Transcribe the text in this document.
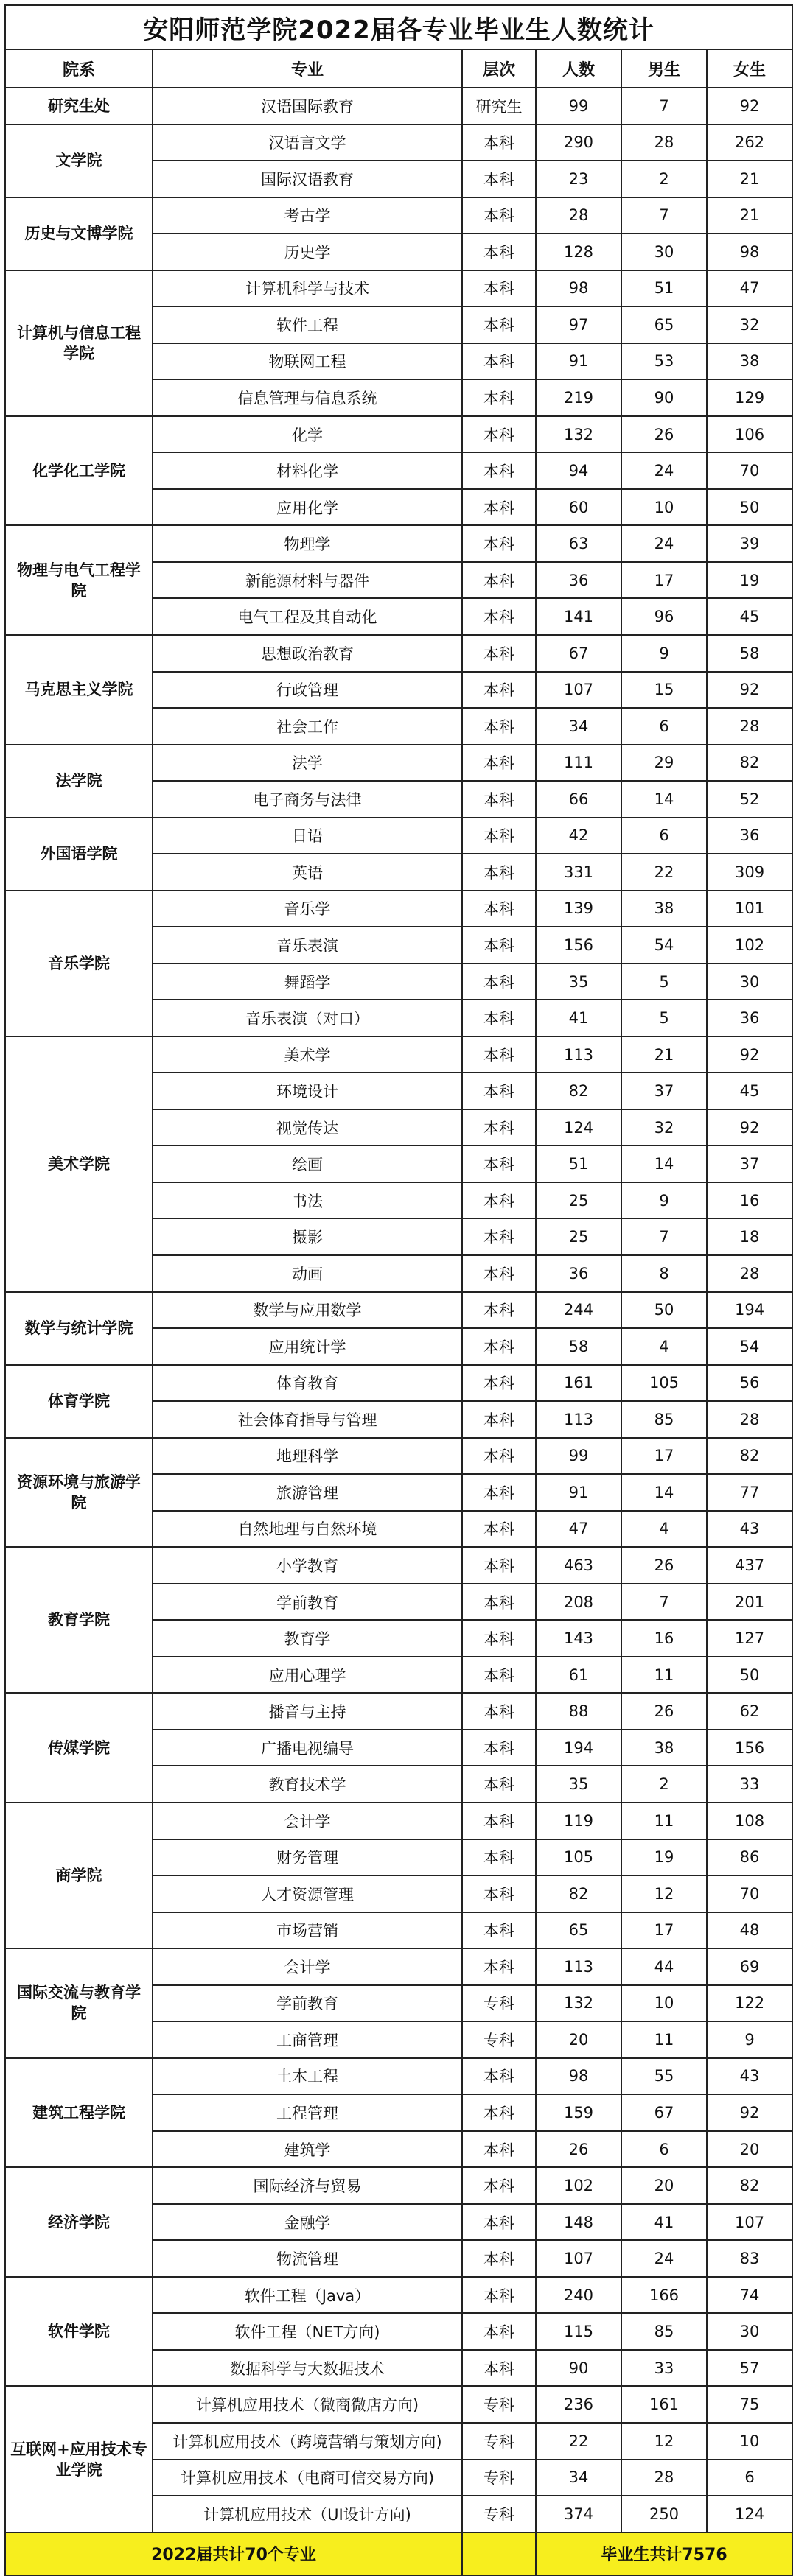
安阳师范学院2022届各专业毕业生人数统计					
院系	专业	层次	人数	男生	女生
研究生处	汉语国际教育	研究生	99	7	92
文学院	汉语言文学	本科	290	28	262
	国际汉语教育	本科	23	2	21
历史与文博学院	考古学	本科	28	7	21
	历史学	本科	128	30	98
计算机与信息工程学院	计算机科学与技术	本科	98	51	47
	软件工程	本科	97	65	32
	物联网工程	本科	91	53	38
	信息管理与信息系统	本科	219	90	129
化学化工学院	化学	本科	132	26	106
	材料化学	本科	94	24	70
	应用化学	本科	60	10	50
物理与电气工程学院	物理学	本科	63	24	39
	新能源材料与器件	本科	36	17	19
	电气工程及其自动化	本科	141	96	45
马克思主义学院	思想政治教育	本科	67	9	58
	行政管理	本科	107	15	92
	社会工作	本科	34	6	28
法学院	法学	本科	111	29	82
	电子商务与法律	本科	66	14	52
外国语学院	日语	本科	42	6	36
	英语	本科	331	22	309
音乐学院	音乐学	本科	139	38	101
	音乐表演	本科	156	54	102
	舞蹈学	本科	35	5	30
	音乐表演（对口）	本科	41	5	36
美术学院	美术学	本科	113	21	92
	环境设计	本科	82	37	45
	视觉传达	本科	124	32	92
	绘画	本科	51	14	37
	书法	本科	25	9	16
	摄影	本科	25	7	18
	动画	本科	36	8	28
数学与统计学院	数学与应用数学	本科	244	50	194
	应用统计学	本科	58	4	54
体育学院	体育教育	本科	161	105	56
	社会体育指导与管理	本科	113	85	28
资源环境与旅游学院	地理科学	本科	99	17	82
	旅游管理	本科	91	14	77
	自然地理与自然环境	本科	47	4	43
教育学院	小学教育	本科	463	26	437
	学前教育	本科	208	7	201
	教育学	本科	143	16	127
	应用心理学	本科	61	11	50
传媒学院	播音与主持	本科	88	26	62
	广播电视编导	本科	194	38	156
	教育技术学	本科	35	2	33
商学院	会计学	本科	119	11	108
	财务管理	本科	105	19	86
	人才资源管理	本科	82	12	70
	市场营销	本科	65	17	48
国际交流与教育学院	会计学	本科	113	44	69
	学前教育	专科	132	10	122
	工商管理	专科	20	11	9
建筑工程学院	土木工程	本科	98	55	43
	工程管理	本科	159	67	92
	建筑学	本科	26	6	20
经济学院	国际经济与贸易	本科	102	20	82
	金融学	本科	148	41	107
	物流管理	本科	107	24	83
软件学院	软件工程（Java）	本科	240	166	74
	软件工程（NET方向)	本科	115	85	30
	数据科学与大数据技术	本科	90	33	57
互联网+应用技术专业学院	计算机应用技术（微商微店方向)	专科	236	161	75
	计算机应用技术（跨境营销与策划方向)	专科	22	12	10
	计算机应用技术（电商可信交易方向)	专科	34	28	6
	计算机应用技术（UI设计方向)	专科	374	250	124
2022届共计70个专业			毕业生共计7576		
